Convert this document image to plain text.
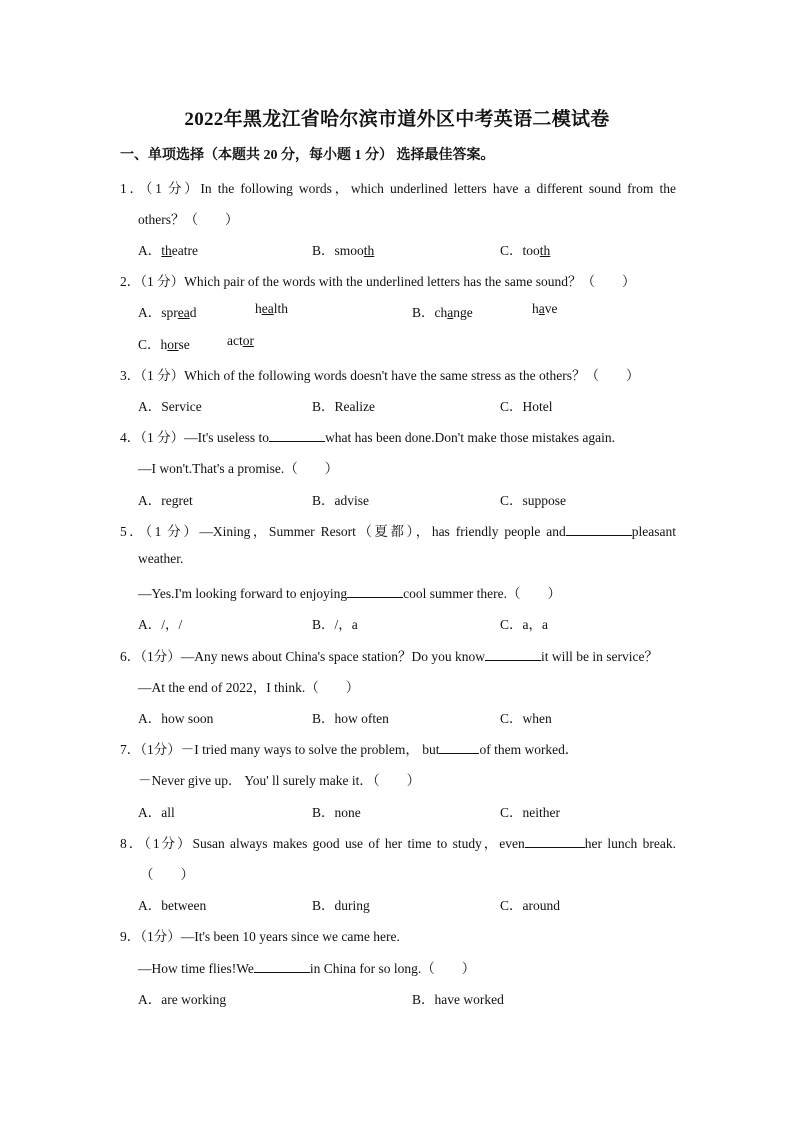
2022年黑龙江省哈尔滨市道外区中考英语二模试卷
一、单项选择（本题共 20 分，每小题 1 分） 选择最佳答案。
1．（1 分）In the following words，which underlined letters have a different sound from the
others？（　　）
A．theatre	B．smooth	C．tooth
2．（1 分）Which pair of the words with the underlined letters has the same sound？（　　）
A．spread	health	B．change	have
C．horse	actor
3．（1 分）Which of the following words doesn't have the same stress as the others？（　　）
A．Service	B．Realize	C．Hotel
4．（1 分）—It's useless to	what has been done.Don't make those mistakes again.
—I won't.That's a promise.（　　）
A．regret	B．advise	C．suppose
5．（1 分）—Xining，Summer Resort（夏都），has friendly people and	pleasant
weather.
—Yes.I'm looking forward to enjoying	cool summer there.（　　）
A．/，/	B．/，a	C．a，a
6．（1分）—Any news about China's space station？Do you know	it will be in service？
—At the end of 2022，I think.（　　）
A．how soon	B．how often	C．when
7．（1分）－I tried many ways to solve the problem， but	of them worked．
－Never give up． You' ll surely make it．（　　）
A．all	B．none	C．neither
8．（1分）Susan always makes good use of her time to study，even	her lunch break.
（　　）
A．between	B．during	C．around
9．（1分）—It's been 10 years since we came here.
—How time flies!We	in China for so long.（　　）
A．are working	B．have worked
